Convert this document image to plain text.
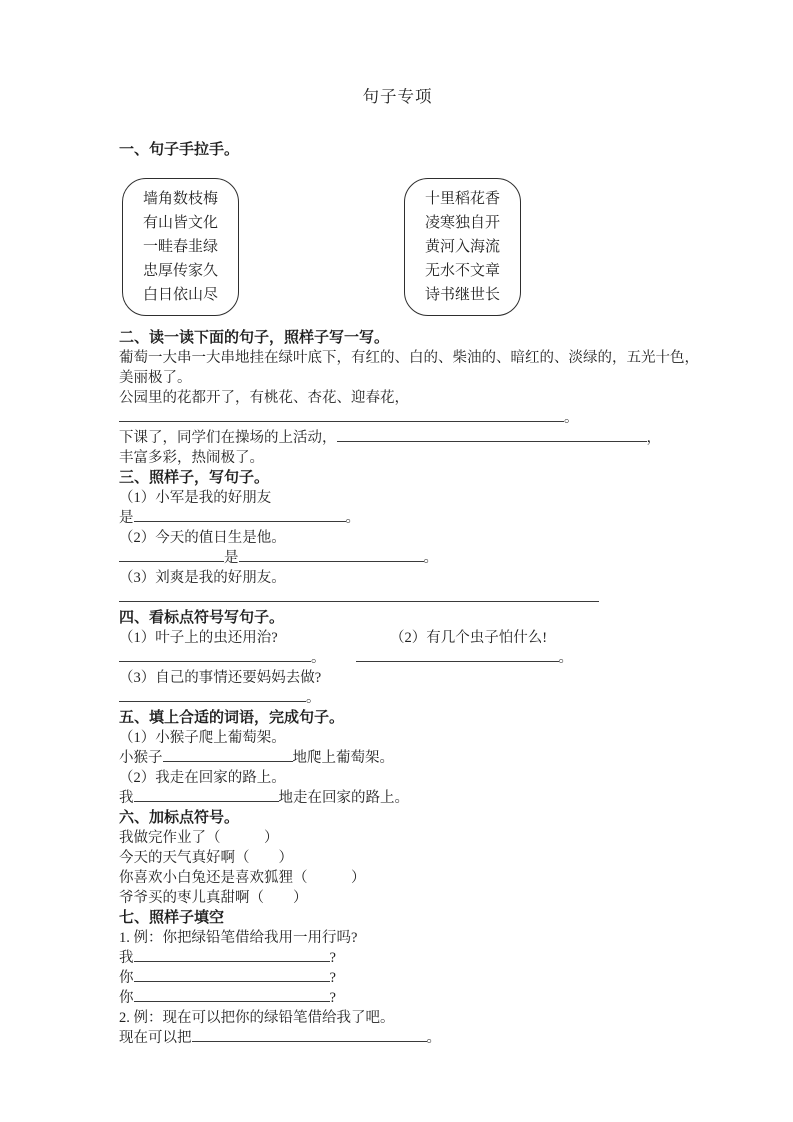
句子专项
一、句子手拉手。
墙角数枝梅
有山皆文化
一畦春韭绿
忠厚传家久
白日依山尽
十里稻花香
凌寒独自开
黄河入海流
无水不文章
诗书继世长
二、读一读下面的句子，照样子写一写。
葡萄一大串一大串地挂在绿叶底下，有红的、白的、柴油的、暗红的、淡绿的，五光十色，
美丽极了。
公园里的花都开了，有桃花、杏花、迎春花，
。
下课了，同学们在操场的上活动，	，
丰富多彩，热闹极了。
三、照样子，写句子。
（1）小军是我的好朋友
是	。
（2）今天的值日生是他。
是	。
（3）刘爽是我的好朋友。
四、看标点符号写句子。
（1）叶子上的虫还用治?	（2）有几个虫子怕什么!
。	。
（3）自己的事情还要妈妈去做?
。
五、填上合适的词语，完成句子。
（1）小猴子爬上葡萄架。
小猴子	地爬上葡萄架。
（2）我走在回家的路上。
我	地走在回家的路上。
六、加标点符号。
我做完作业了（　　　）
今天的天气真好啊（　　）
你喜欢小白兔还是喜欢狐狸（　　　）
爷爷买的枣儿真甜啊（　　）
七、照样子填空
1. 例：你把绿铅笔借给我用一用行吗?
我	?
你	?
你	?
2. 例：现在可以把你的绿铅笔借给我了吧。
现在可以把	。
